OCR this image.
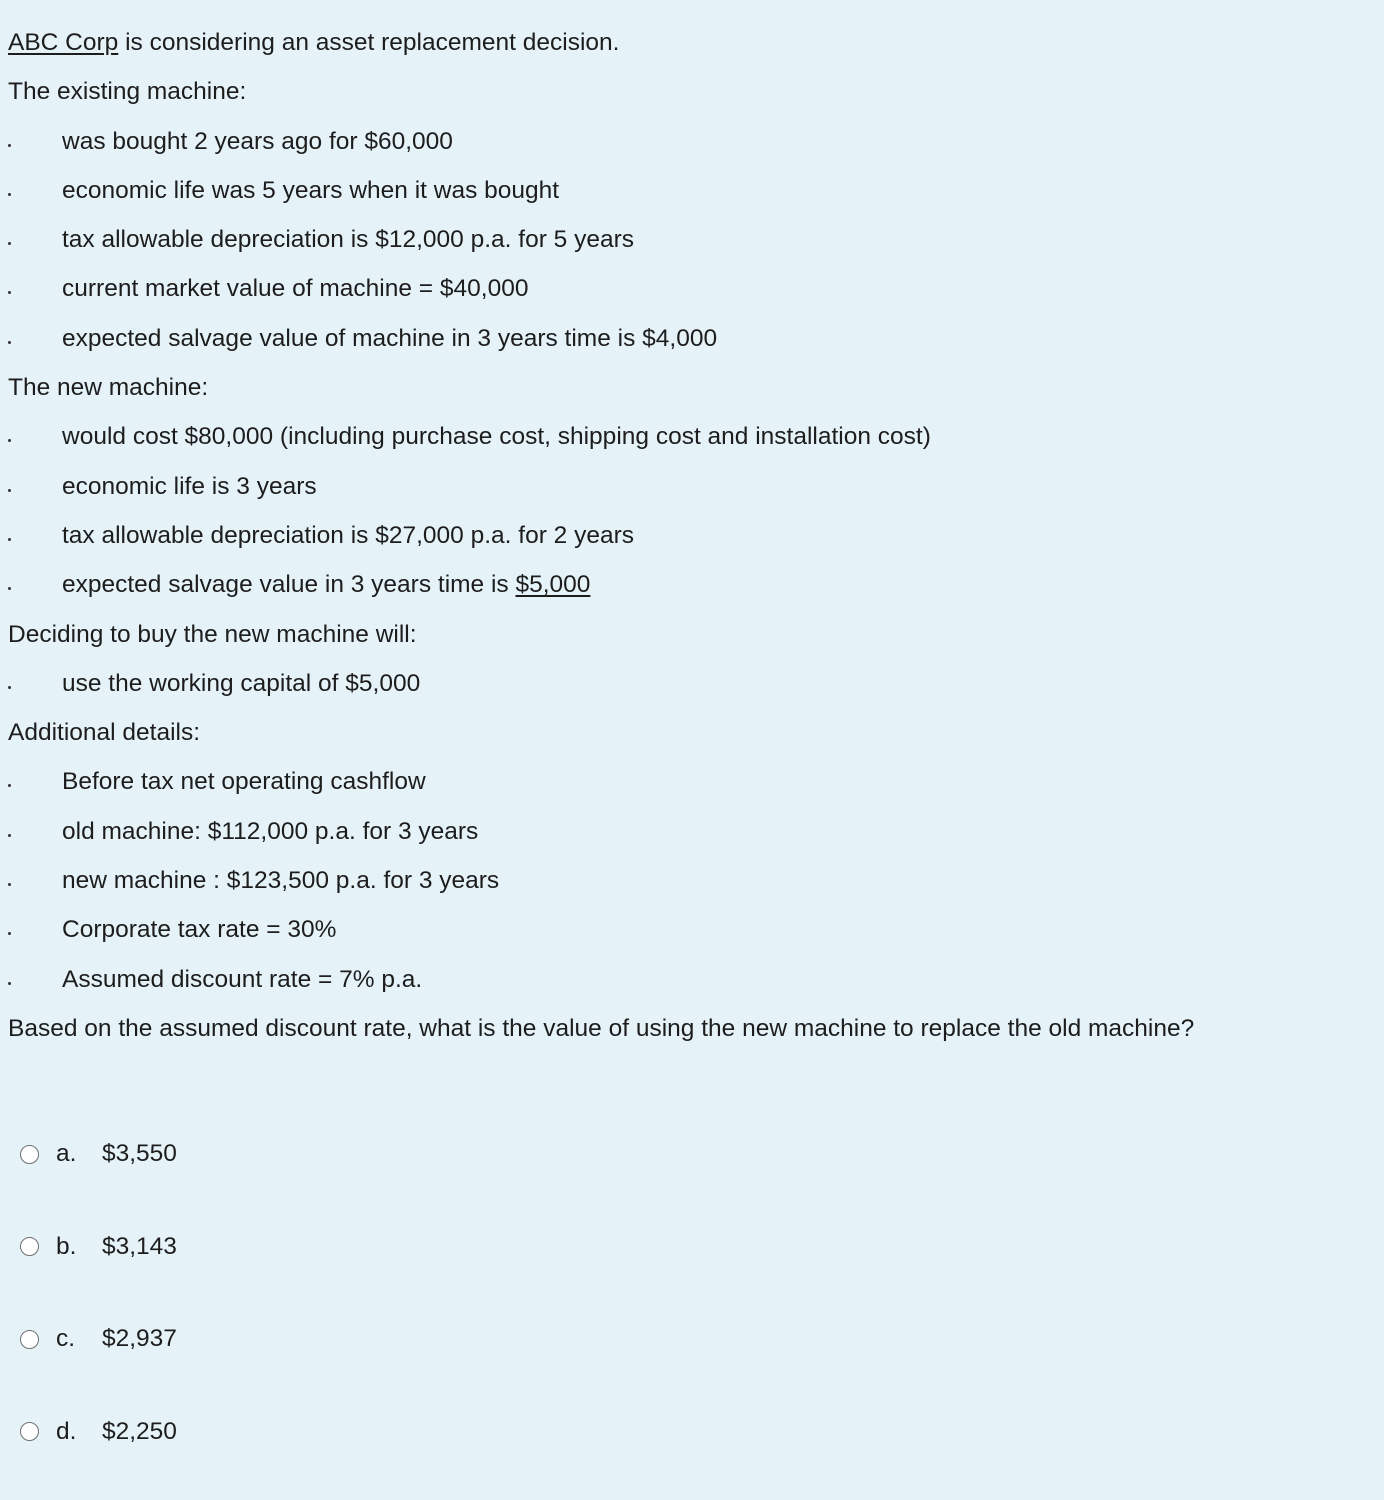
ABC Corp is considering an asset replacement decision.
The existing machine:
was bought 2 years ago for $60,000
economic life was 5 years when it was bought
tax allowable depreciation is $12,000 p.a. for 5 years
current market value of machine = $40,000
expected salvage value of machine in 3 years time is $4,000
The new machine:
would cost $80,000 (including purchase cost, shipping cost and installation cost)
economic life is 3 years
tax allowable depreciation is $27,000 p.a. for 2 years
expected salvage value in 3 years time is $5,000
Deciding to buy the new machine will:
use the working capital of $5,000
Additional details:
Before tax net operating cashflow
old machine: $112,000 p.a. for 3 years
new machine : $123,500 p.a. for 3 years
Corporate tax rate = 30%
Assumed discount rate = 7% p.a.
Based on the assumed discount rate, what is the value of using the new machine to replace the old machine?
a.	$3,550
b.	$3,143
c.	$2,937
d.	$2,250
